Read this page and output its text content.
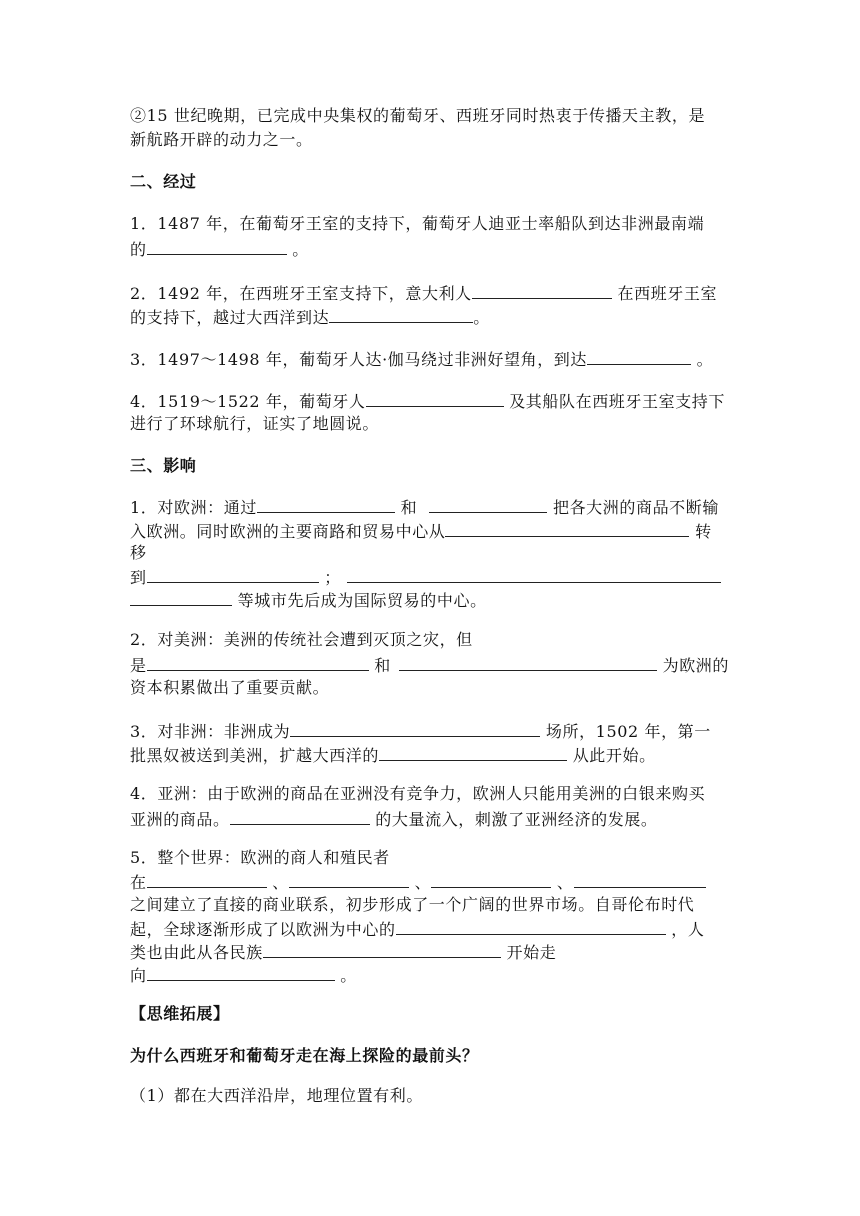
②15 世纪晚期，已完成中央集权的葡萄牙、西班牙同时热衷于传播天主教，是
新航路开辟的动力之一。
二、经过
1．1487 年，在葡萄牙王室的支持下，葡萄牙人迪亚士率船队到达非洲最南端
的	。
2．1492 年，在西班牙王室支持下，意大利人	在西班牙王室
的支持下，越过大西洋到达	。
3．1497～1498 年，葡萄牙人达·伽马绕过非洲好望角，到达	。
4．1519～1522 年，葡萄牙人	及其船队在西班牙王室支持下
进行了环球航行，证实了地圆说。
三、影响
1．对欧洲：通过	和	把各大洲的商品不断输
入欧洲。同时欧洲的主要商路和贸易中心从	转
移
到	；
等城市先后成为国际贸易的中心。
2．对美洲：美洲的传统社会遭到灭顶之灾，但
是	和	为欧洲的
资本积累做出了重要贡献。
3．对非洲：非洲成为	场所，1502 年，第一
批黑奴被送到美洲，扩越大西洋的	从此开始。
4．亚洲：由于欧洲的商品在亚洲没有竞争力，欧洲人只能用美洲的白银来购买
亚洲的商品。	的大量流入，刺激了亚洲经济的发展。
5．整个世界：欧洲的商人和殖民者
在	、	、	、
之间建立了直接的商业联系，初步形成了一个广阔的世界市场。自哥伦布时代
起，全球逐渐形成了以欧洲为中心的	，人
类也由此从各民族	开始走
向	。
【思维拓展】
为什么西班牙和葡萄牙走在海上探险的最前头？
（1）都在大西洋沿岸，地理位置有利。
